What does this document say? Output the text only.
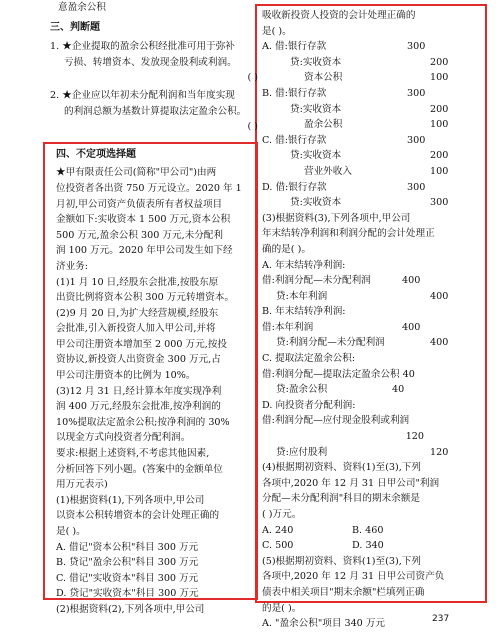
意盈余公积
三、判断题
1. ★企业提取的盈余公积经批准可用于弥补
亏损、转增资本、发放现金股利或利润。
( )
2. ★企业应以年初未分配利润和当年度实现
的利润总额为基数计算提取法定盈余公积。
( )
四、不定项选择题
★甲有限责任公司(简称"甲公司")由两
位投资者各出资 750 万元设立。2020 年 1
月初,甲公司资产负债表所有者权益项目
金额如下:实收资本 1 500 万元,资本公积
500 万元,盈余公积 300 万元,未分配利
润 100 万元。2020 年甲公司发生如下经
济业务:
(1)1 月 10 日,经股东会批准,按股东原
出资比例将资本公积 300 万元转增资本。
(2)9 月 20 日,为扩大经营规模,经股东
会批准,引入新投资人加入甲公司,并将
甲公司注册资本增加至 2 000 万元,按投
资协议,新投资人出资资金 300 万元,占
甲公司注册资本的比例为 10%。
(3)12 月 31 日,经计算本年度实现净利
润 400 万元,经股东会批准,按净利润的
10%提取法定盈余公积;按净利润的 30%
以现金方式向投资者分配利润。
要求:根据上述资料,不考虑其他因素,
分析回答下列小题。(答案中的金额单位
用万元表示)
(1)根据资料(1),下列各项中,甲公司
以资本公积转增资本的会计处理正确的
是( )。
A. 借记"资本公积"科目 300 万元
B. 贷记"盈余公积"科目 300 万元
C. 借记"实收资本"科目 300 万元
D. 贷记"实收资本"科目 300 万元
(2)根据资料(2),下列各项中,甲公司
吸收新投资人投资的会计处理正确的
是( )。
A. 借:银行存款	300
贷:实收资本	200
资本公积	100
B. 借:银行存款	300
贷:实收资本	200
盈余公积	100
C. 借:银行存款	300
贷:实收资本	200
营业外收入	100
D. 借:银行存款	300
贷:实收资本	300
(3)根据资料(3),下列各项中,甲公司
年末结转净利润和利润分配的会计处理正
确的是( )。
A. 年末结转净利润:
借:利润分配—未分配利润	400
贷:本年利润	400
B. 年末结转净利润:
借:本年利润	400
贷:利润分配—未分配利润	400
C. 提取法定盈余公积:
借:利润分配—提取法定盈余公积 40
贷:盈余公积	40
D. 向投资者分配利润:
借:利润分配—应付现金股利或利润
120
贷:应付股利	120
(4)根据期初资料、资料(1)至(3),下列
各项中,2020 年 12 月 31 日甲公司"利润
分配—未分配利润"科目的期末余额是
( )万元。
A. 240	B. 460
C. 500	D. 340
(5)根据期初资料、资料(1)至(3),下列
各项中,2020 年 12 月 31 日甲公司资产负
债表中相关项目"期末余额"栏填列正确
的是( )。
A. "盈余公积"项目 340 万元	237
